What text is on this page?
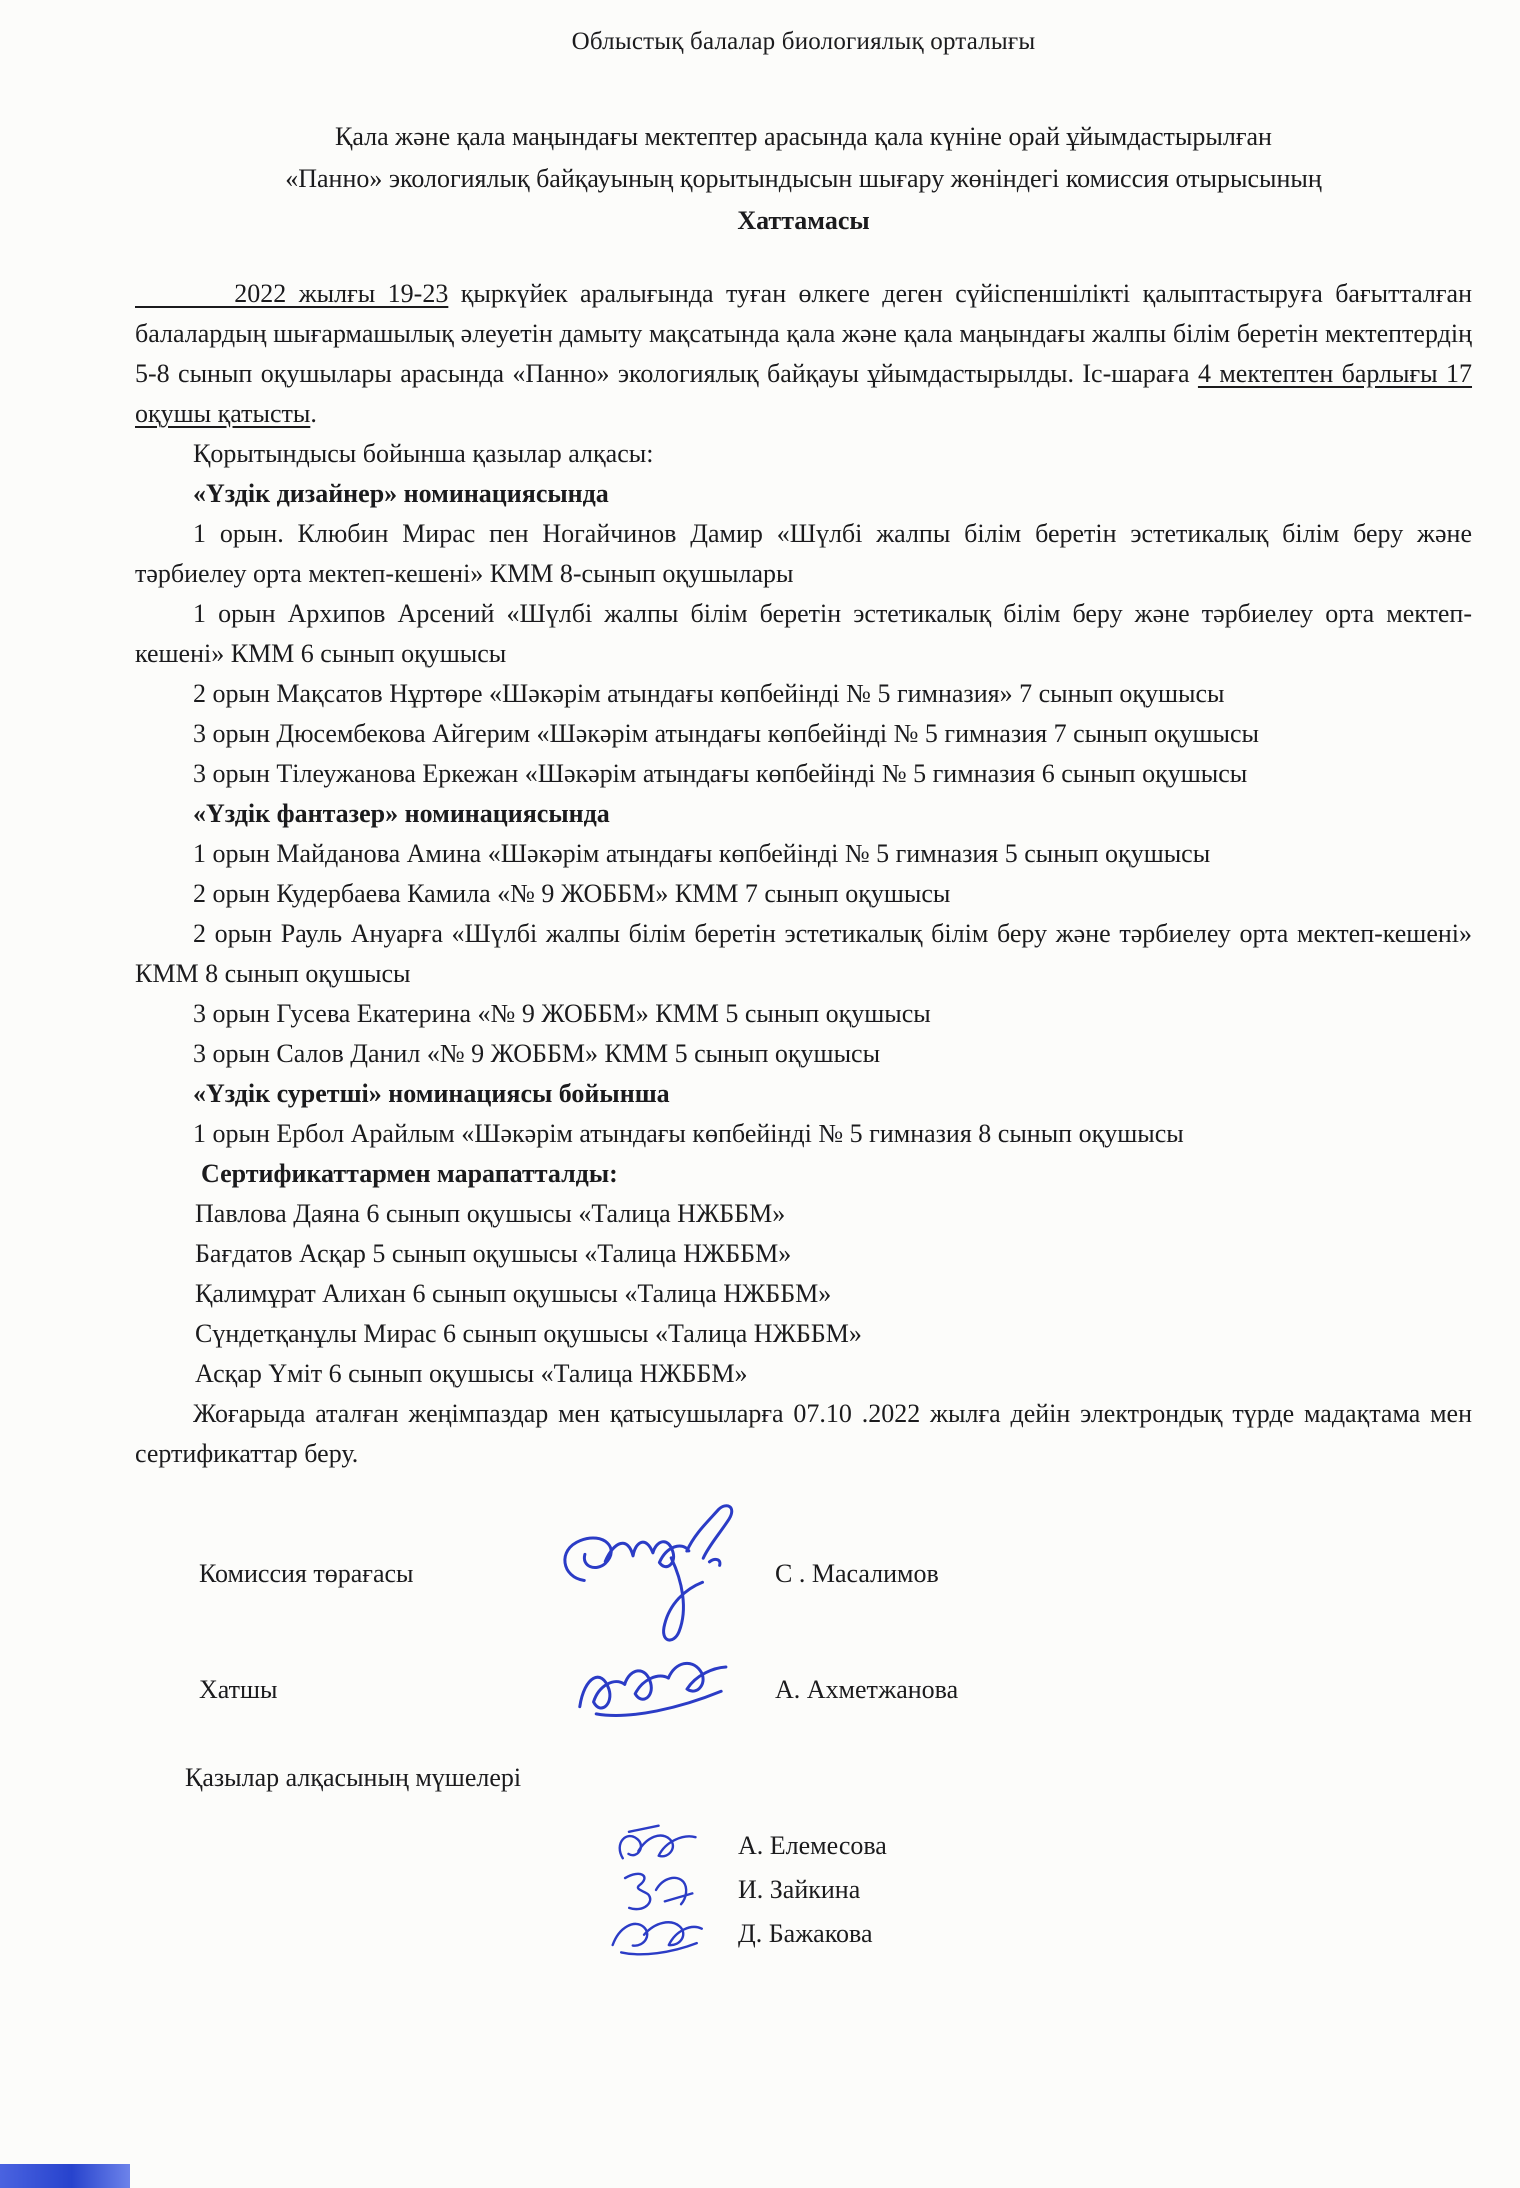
Облыстық балалар биологиялық орталығы
Қала және қала маңындағы мектептер арасында қала күніне орай ұйымдастырылған
«Панно» экологиялық байқауының қорытындысын шығару жөніндегі комиссия отырысының
Хаттамасы

2022 жылғы 19-23 қыркүйек аралығында туған өлкеге деген сүйіспеншілікті қалыптастыруға бағытталған балалардың шығармашылық әлеуетін дамыту мақсатында қала және қала маңындағы жалпы білім беретін мектептердің 5-8 сынып оқушылары арасында «Панно» экологиялық байқауы ұйымдастырылды. Іс-шараға 4 мектептен барлығы 17 оқушы қатысты.

Қорытындысы бойынша қазылар алқасы:

«Үздік дизайнер» номинациясында

1 орын. Клюбин Мирас пен Ногайчинов Дамир «Шүлбі жалпы білім беретін эстетикалық білім беру және тәрбиелеу орта мектеп-кешені» КММ 8-сынып оқушылары

1 орын Архипов Арсений «Шүлбі жалпы білім беретін эстетикалық білім беру және тәрбиелеу орта мектеп-кешені» КММ 6 сынып оқушысы

2 орын Мақсатов Нұртөре «Шәкәрім атындағы көпбейінді № 5 гимназия» 7 сынып оқушысы

3 орын Дюсембекова Айгерим «Шәкәрім атындағы көпбейінді № 5 гимназия 7 сынып оқушысы

3 орын Тілеужанова Еркежан «Шәкәрім атындағы көпбейінді № 5 гимназия 6 сынып оқушысы

«Үздік фантазер» номинациясында

1 орын Майданова Амина «Шәкәрім атындағы көпбейінді № 5 гимназия 5 сынып оқушысы

2 орын Кудербаева Камила «№ 9 ЖОББМ» КММ 7 сынып оқушысы

2 орын Рауль Ануарға «Шүлбі жалпы білім беретін эстетикалық білім беру және тәрбиелеу орта мектеп-кешені» КММ 8 сынып оқушысы

3 орын Гусева Екатерина «№ 9 ЖОББМ» КММ 5 сынып оқушысы

3 орын Салов Данил «№ 9 ЖОББМ» КММ 5 сынып оқушысы

«Үздік суретші» номинациясы бойынша

1 орын Ербол Арайлым «Шәкәрім атындағы көпбейінді № 5 гимназия 8 сынып оқушысы

Сертификаттармен марапатталды:

Павлова Даяна 6 сынып оқушысы «Талица НЖББМ»

Бағдатов Асқар 5 сынып оқушысы «Талица НЖББМ»

Қалимұрат Алихан 6 сынып оқушысы «Талица НЖББМ»

Сүндетқанұлы Мирас 6 сынып оқушысы «Талица НЖББМ»

Асқар Үміт 6 сынып оқушысы «Талица НЖББМ»

Жоғарыда аталған жеңімпаздар мен қатысушыларға 07.10 .2022 жылға дейін электрондық түрде мадақтама мен сертификаттар беру.

Комиссия төрағасы	С . Масалимов
Хатшы	А. Ахметжанова
Қазылар алқасының мүшелері
А. Елемесова
И. Зайкина
Д. Бажакова
